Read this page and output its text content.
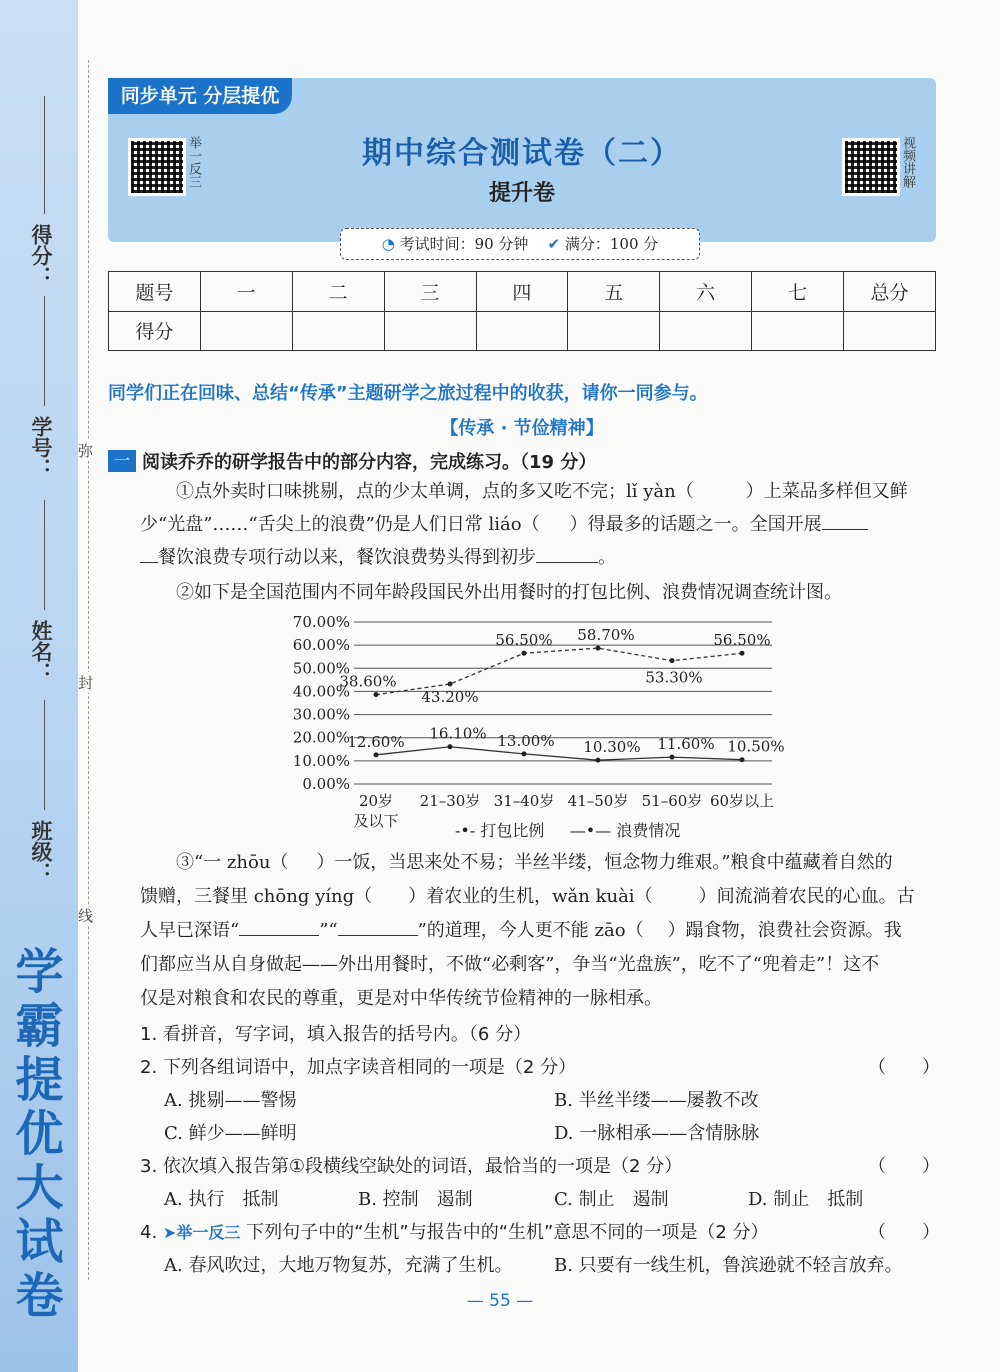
学霸提优大试卷
得分：
学号：
姓名：
班级：
弥
封
线
同步单元 分层提优
举一反三	视频讲解
期中综合测试卷（二）
提升卷
◔ 考试时间：90 分钟 ✔ 满分：100 分
题号	一	二	三	四	五	六	七	总分
得分								
同学们正在回味、总结“传承”主题研学之旅过程中的收获，请你一同参与。
【传承 · 节俭精神】
一 阅读乔乔的研学报告中的部分内容，完成练习。（19 分）
①点外卖时口味挑剔，点的少太单调，点的多又吃不完；lǐ yàn（	）上菜品多样但又鲜
少“光盘”……“舌尖上的浪费”仍是人们日常 liáo（ ）得最多的话题之一。全国开展
餐饮浪费专项行动以来，餐饮浪费势头得到初步	。
②如下是全国范围内不同年龄段国民外出用餐时的打包比例、浪费情况调查统计图。
70.00%
60.00%
50.00%
40.00%
30.00%
20.00%
10.00%
0.00%
20岁
及以下
21–30岁 31–40岁 41–50岁 51–60岁 60岁以上
38.60%
43.20%
56.50% 58.70%
53.30%
56.50%
12.60% 16.10% 13.00% 10.30% 11.60% 10.50%
-•- 打包比例 —•— 浪费情况
③“一 zhōu（ ）一饭，当思来处不易；半丝半缕，恒念物力维艰。”粮食中蕴藏着自然的
馈赠，三餐里 chōng yíng（ ）着农业的生机，wǎn kuài（	）间流淌着农民的心血。古
人早已深语“	”“	”的道理，今人更不能 zāo（ ）蹋食物，浪费社会资源。我
们都应当从自身做起——外出用餐时，不做“必剩客”，争当“光盘族”，吃不了“兜着走”！这不
仅是对粮食和农民的尊重，更是对中华传统节俭精神的一脉相承。
1. 看拼音，写字词，填入报告的括号内。（6 分）
2. 下列各组词语中，加点字读音相同的一项是（2 分）	（　　）
A. 挑剔——警惕	B. 半丝半缕——屡教不改
C. 鲜少——鲜明	D. 一脉相承——含情脉脉
3. 依次填入报告第①段横线空缺处的词语，最恰当的一项是（2 分）	（　　）
A. 执行　抵制	B. 控制　遏制	C. 制止　遏制	D. 制止　抵制
4. ➤举一反三 下列句子中的“生机”与报告中的“生机”意思不同的一项是（2 分）	（　　）
A. 春风吹过，大地万物复苏，充满了生机。 B. 只要有一线生机，鲁滨逊就不轻言放弃。
— 55 —
